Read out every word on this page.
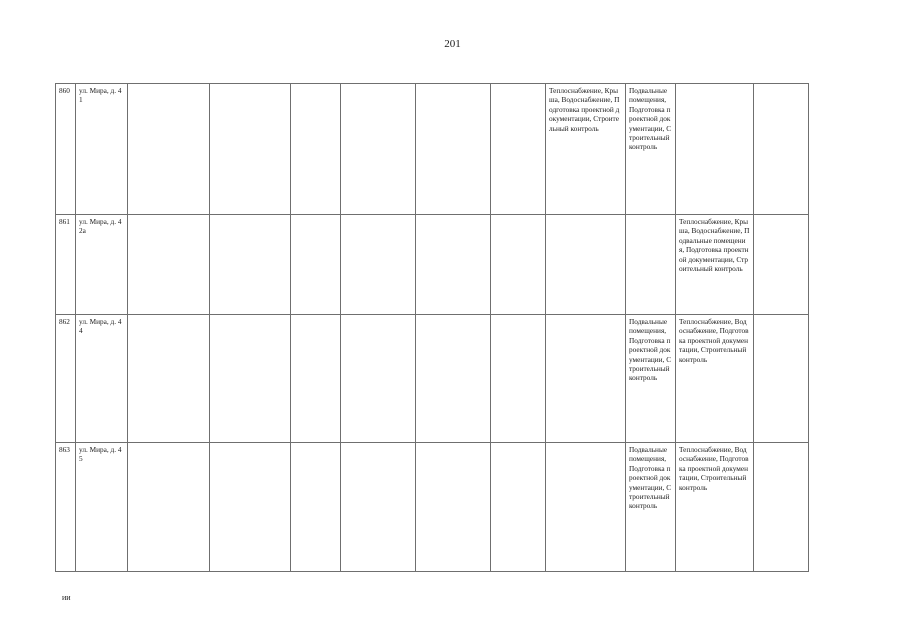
201
860	ул. Мира, д. 41							Теплоснабжение, Крыша, Водоснабжение, Подготовка проектной документации, Строительный контроль	Подвальные помещения, Подготовка проектной документации, Строительный контроль		
861	ул. Мира, д. 42а									Теплоснабжение, Крыша, Водоснабжение, Подвальные помещения, Подготовка проектной документации, Строительный контроль	
862	ул. Мира, д. 44								Подвальные помещения, Подготовка проектной документации, Строительный контроль	Теплоснабжение, Водоснабжение, Подготовка проектной документации, Строительный контроль	
863	ул. Мира, д. 45								Подвальные помещения, Подготовка проектной документации, Строительный контроль	Теплоснабжение, Водоснабжение, Подготовка проектной документации, Строительный контроль	
ии
